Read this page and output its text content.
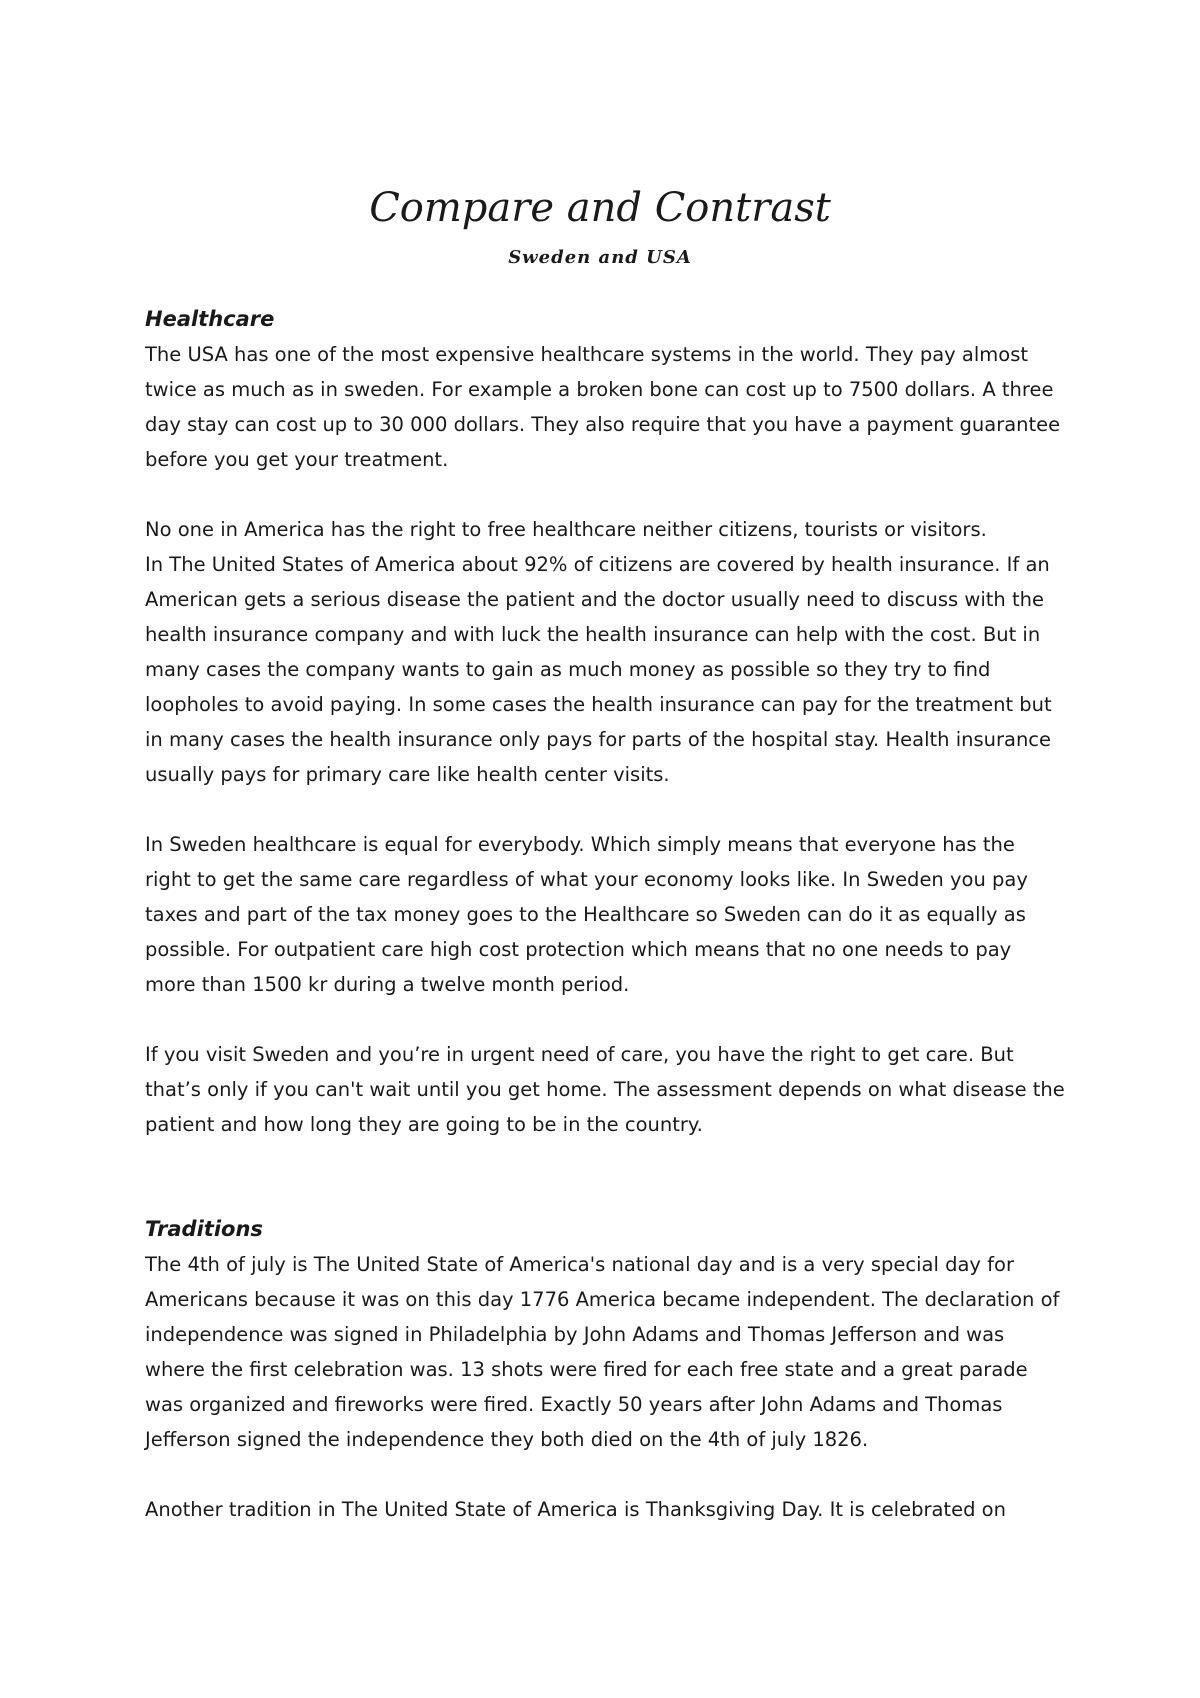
Compare and Contrast
Sweden and USA
Healthcare

The USA has one of the most expensive healthcare systems in the world. They pay almost twice as much as in sweden. For example a broken bone can cost up to 7500 dollars. A three day stay can cost up to 30 000 dollars. They also require that you have a payment guarantee before you get your treatment.

No one in America has the right to free healthcare neither citizens, tourists or visitors.

In The United States of America about 92% of citizens are covered by health insurance. If an American gets a serious disease the patient and the doctor usually need to discuss with the health insurance company and with luck the health insurance can help with the cost. But in many cases the company wants to gain as much money as possible so they try to find loopholes to avoid paying. In some cases the health insurance can pay for the treatment but in many cases the health insurance only pays for parts of the hospital stay. Health insurance usually pays for primary care like health center visits.

In Sweden healthcare is equal for everybody. Which simply means that everyone has the right to get the same care regardless of what your economy looks like. In Sweden you pay taxes and part of the tax money goes to the Healthcare so Sweden can do it as equally as possible. For outpatient care high cost protection which means that no one needs to pay more than 1500 kr during a twelve month period.

If you visit Sweden and you’re in urgent need of care, you have the right to get care. But that’s only if you can't wait until you get home. The assessment depends on what disease the patient and how long they are going to be in the country.

Traditions

The 4th of july is The United State of America's national day and is a very special day for Americans because it was on this day 1776 America became independent. The declaration of independence was signed in Philadelphia by John Adams and Thomas Jefferson and was where the first celebration was. 13 shots were fired for each free state and a great parade was organized and fireworks were fired. Exactly 50 years after John Adams and Thomas Jefferson signed the independence they both died on the 4th of july 1826.

Another tradition in The United State of America is Thanksgiving Day. It is celebrated on
